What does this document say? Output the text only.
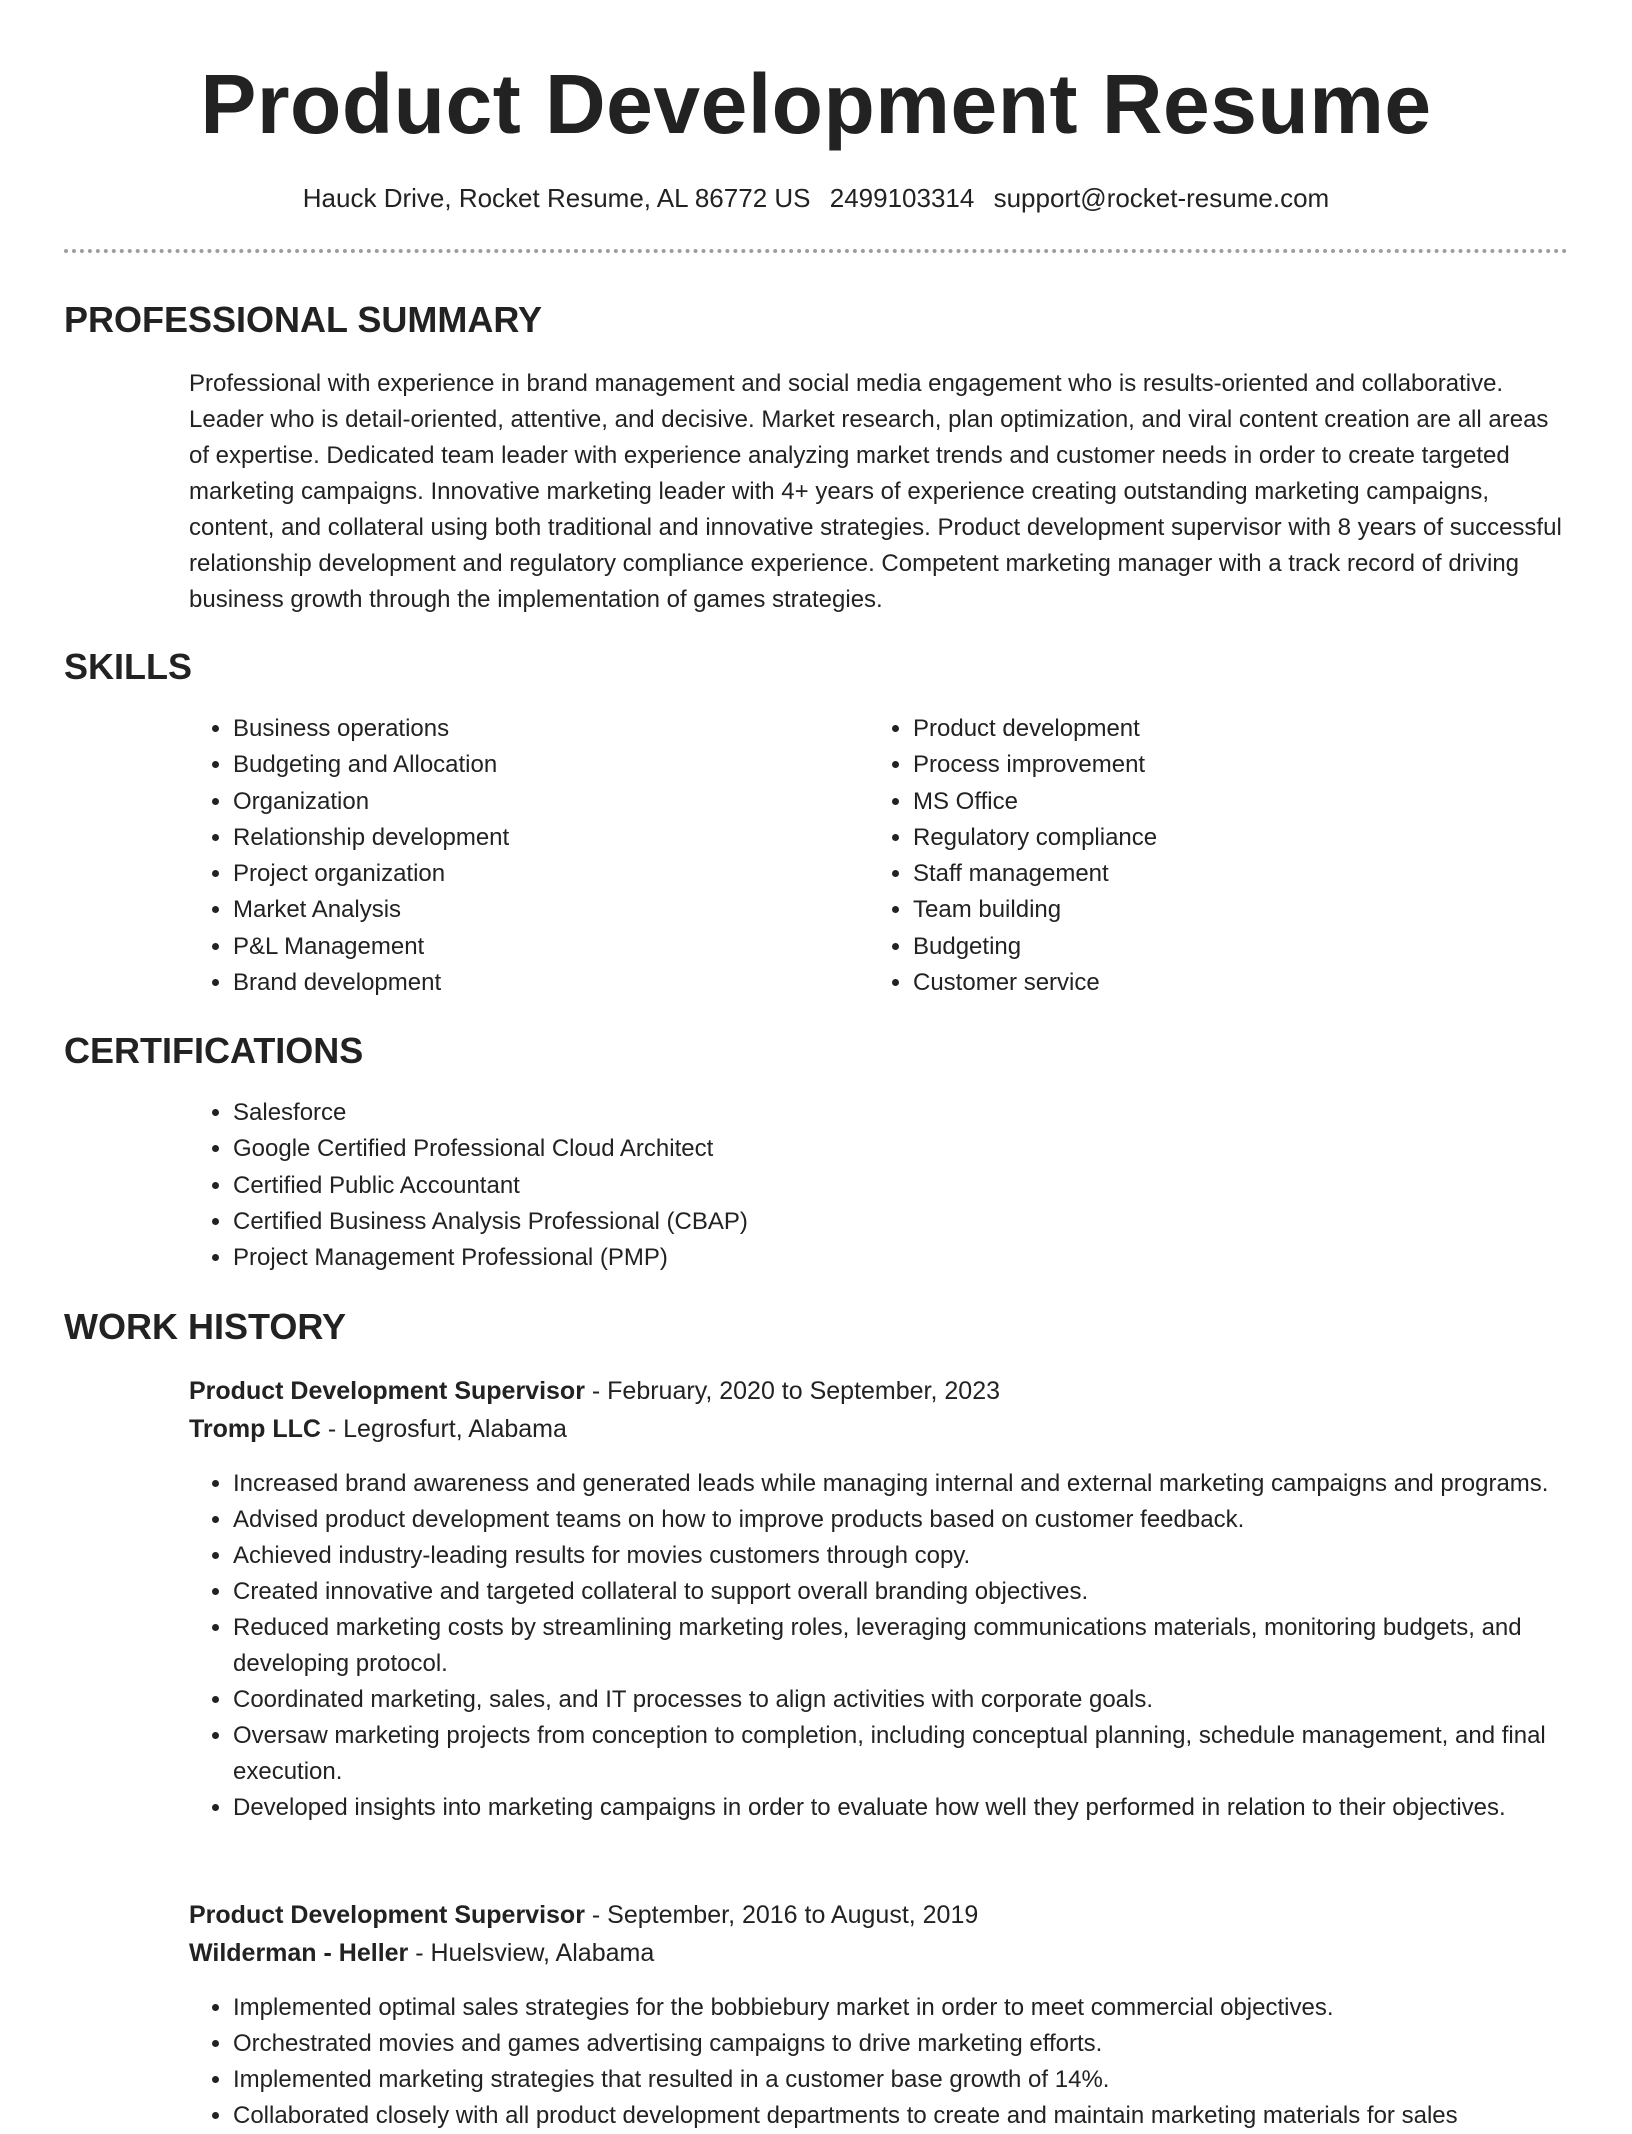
Product Development Resume
Hauck Drive, Rocket Resume, AL 86772 US 2499103314 support@rocket-resume.com
PROFESSIONAL SUMMARY

Professional with experience in brand management and social media engagement who is results-oriented and collaborative. Leader who is detail-oriented, attentive, and decisive. Market research, plan optimization, and viral content creation are all areas of expertise. Dedicated team leader with experience analyzing market trends and customer needs in order to create targeted marketing campaigns. Innovative marketing leader with 4+ years of experience creating outstanding marketing campaigns, content, and collateral using both traditional and innovative strategies. Product development supervisor with 8 years of successful relationship development and regulatory compliance experience. Competent marketing manager with a track record of driving business growth through the implementation of games strategies.

SKILLS
• Business operations
• Budgeting and Allocation
• Organization
• Relationship development
• Project organization
• Market Analysis
• P&L Management
• Brand development
• Product development
• Process improvement
• MS Office
• Regulatory compliance
• Staff management
• Team building
• Budgeting
• Customer service
CERTIFICATIONS
• Salesforce
• Google Certified Professional Cloud Architect
• Certified Public Accountant
• Certified Business Analysis Professional (CBAP)
• Project Management Professional (PMP)
WORK HISTORY
Product Development Supervisor - February, 2020 to September, 2023
Tromp LLC - Legrosfurt, Alabama
• Increased brand awareness and generated leads while managing internal and external marketing campaigns and programs.
• Advised product development teams on how to improve products based on customer feedback.
• Achieved industry-leading results for movies customers through copy.
• Created innovative and targeted collateral to support overall branding objectives.
• Reduced marketing costs by streamlining marketing roles, leveraging communications materials, monitoring budgets, and developing protocol.
• Coordinated marketing, sales, and IT processes to align activities with corporate goals.
• Oversaw marketing projects from conception to completion, including conceptual planning, schedule management, and final execution.
• Developed insights into marketing campaigns in order to evaluate how well they performed in relation to their objectives.
Product Development Supervisor - September, 2016 to August, 2019
Wilderman - Heller - Huelsview, Alabama
• Implemented optimal sales strategies for the bobbiebury market in order to meet commercial objectives.
• Orchestrated movies and games advertising campaigns to drive marketing efforts.
• Implemented marketing strategies that resulted in a customer base growth of 14%.
• Collaborated closely with all product development departments to create and maintain marketing materials for sales
